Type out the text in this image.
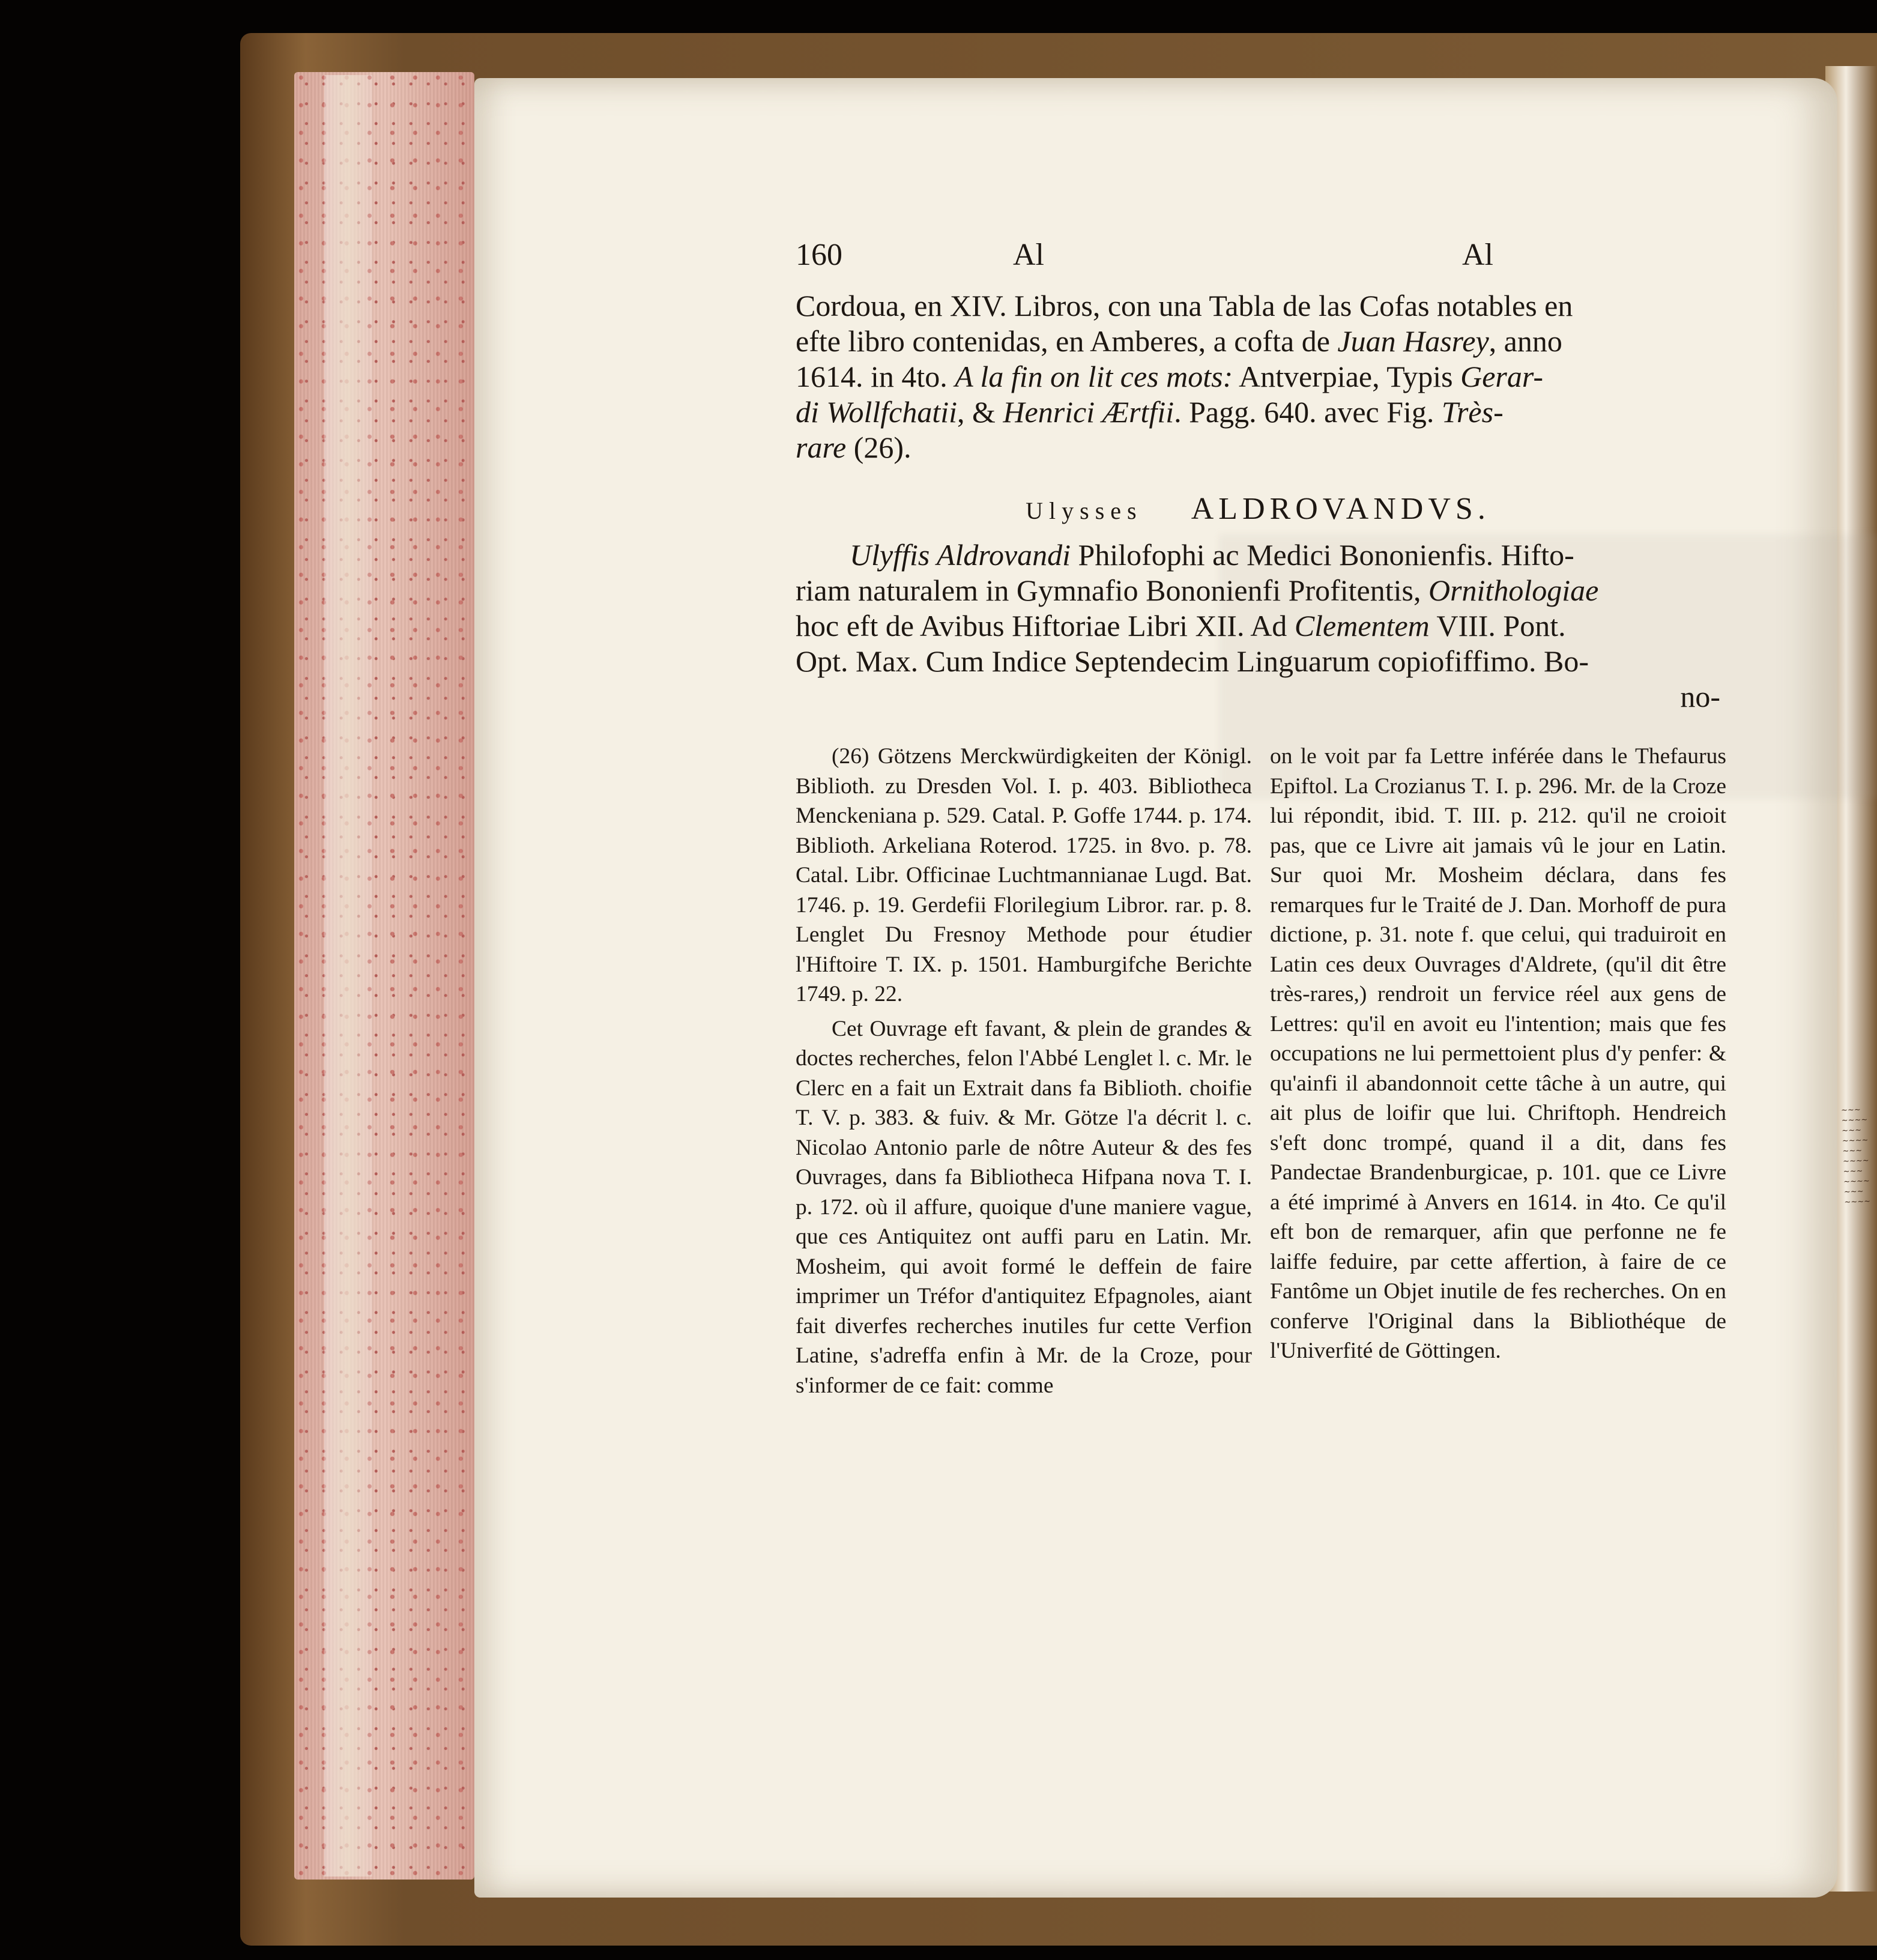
160	Al	Al

Cordoua, en XIV. Libros, con una Tabla de las Cofas notables en

efte libro contenidas, en Amberes, a cofta de Juan Hasrey, anno

1614. in 4to. A la fin on lit ces mots: Antverpiae, Typis Gerar-

di Wollfchatii, & Henrici Ærtfii. Pagg. 640. avec Fig. Très-

rare (26).

Ulysses ALDROVANDVS.

Ulyffis Aldrovandi Philofophi ac Medici Bononienfis. Hifto-

riam naturalem in Gymnafio Bononienfi Profitentis, Ornithologiae

hoc eft de Avibus Hiftoriae Libri XII. Ad Clementem VIII. Pont.

Opt. Max. Cum Indice Septendecim Linguarum copiofiffimo. Bo-

no-

(26) Götzens Merckwürdigkeiten der Königl. Biblioth. zu Dresden Vol. I. p. 403. Bibliotheca Menckeniana p. 529. Catal. P. Goffe 1744. p. 174. Biblioth. Arkeliana Roterod. 1725. in 8vo. p. 78. Catal. Libr. Officinae Luchtmannianae Lugd. Bat. 1746. p. 19. Gerdefii Florilegium Libror. rar. p. 8. Lenglet Du Fresnoy Methode pour étudier l'Hiftoire T. IX. p. 1501. Hamburgifche Berichte 1749. p. 22.

Cet Ouvrage eft favant, & plein de grandes & doctes recherches, felon l'Abbé Lenglet l. c. Mr. le Clerc en a fait un Extrait dans fa Biblioth. choifie T. V. p. 383. & fuiv. & Mr. Götze l'a décrit l. c. Nicolao Antonio parle de nôtre Auteur & des fes Ouvrages, dans fa Bibliotheca Hifpana nova T. I. p. 172. où il affure, quoique d'une maniere vague, que ces Antiquitez ont auffi paru en Latin. Mr. Mosheim, qui avoit formé le deffein de faire imprimer un Tréfor d'antiquitez Efpagnoles, aiant fait diverfes recherches inutiles fur cette Verfion Latine, s'adreffa enfin à Mr. de la Croze, pour s'informer de ce fait: comme

on le voit par fa Lettre inférée dans le Thefaurus Epiftol. La Crozianus T. I. p. 296. Mr. de la Croze lui répondit, ibid. T. III. p. 212. qu'il ne croioit pas, que ce Livre ait jamais vû le jour en Latin. Sur quoi Mr. Mosheim déclara, dans fes remarques fur le Traité de J. Dan. Morhoff de pura dictione, p. 31. note f. que celui, qui traduiroit en Latin ces deux Ouvrages d'Aldrete, (qu'il dit être très-rares,) rendroit un fervice réel aux gens de Lettres: qu'il en avoit eu l'intention; mais que fes occupations ne lui permettoient plus d'y penfer: & qu'ainfi il abandonnoit cette tâche à un autre, qui ait plus de loifir que lui. Chriftoph. Hendreich s'eft donc trompé, quand il a dit, dans fes Pandectae Brandenburgicae, p. 101. que ce Livre a été imprimé à Anvers en 1614. in 4to. Ce qu'il eft bon de remarquer, afin que perfonne ne fe laiffe feduire, par cette affertion, à faire de ce Fantôme un Objet inutile de fes recherches. On en conferve l'Original dans la Bibliothéque de l'Univerfité de Göttingen.

~~~
~~~~
~~~
~~~~
~~~
~~~~
~~~
~~~~
~~~
~~~~
